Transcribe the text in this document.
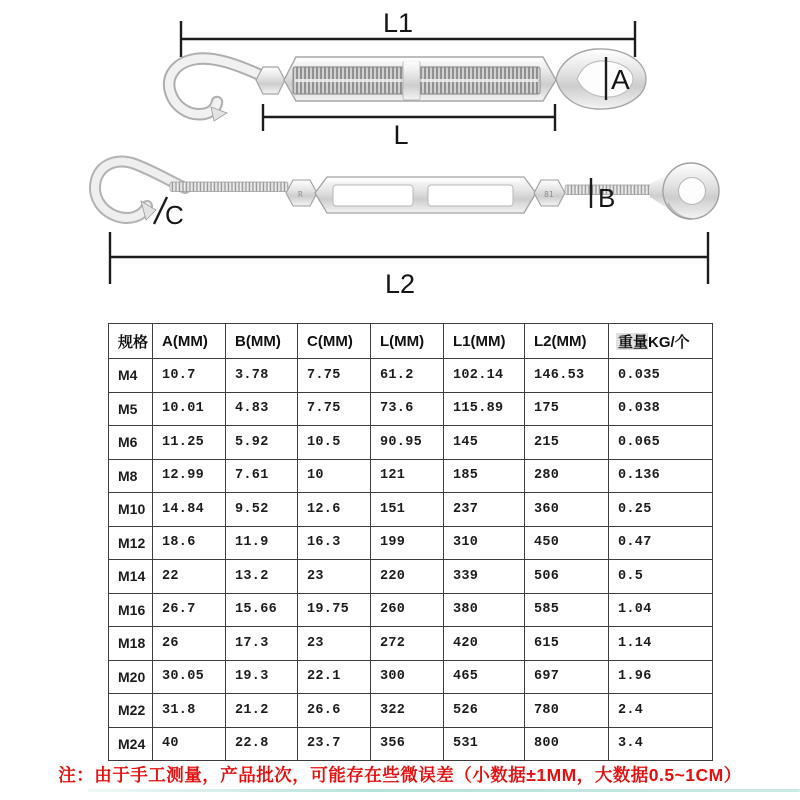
L1
A
L
R	81
C
B
L2
规格	A(MM)	B(MM)	C(MM)	L(MM)	L1(MM)	L2(MM)	重量KG/个
M4	10.7	3.78	7.75	61.2	102.14	146.53	0.035
M5	10.01	4.83	7.75	73.6	115.89	175	0.038
M6	11.25	5.92	10.5	90.95	145	215	0.065
M8	12.99	7.61	10	121	185	280	0.136
M10	14.84	9.52	12.6	151	237	360	0.25
M12	18.6	11.9	16.3	199	310	450	0.47
M14	22	13.2	23	220	339	506	0.5
M16	26.7	15.66	19.75	260	380	585	1.04
M18	26	17.3	23	272	420	615	1.14
M20	30.05	19.3	22.1	300	465	697	1.96
M22	31.8	21.2	26.6	322	526	780	2.4
M24	40	22.8	23.7	356	531	800	3.4
注：由于手工测量，产品批次，可能存在些微误差（小数据±1MM，大数据0.5~1CM）
